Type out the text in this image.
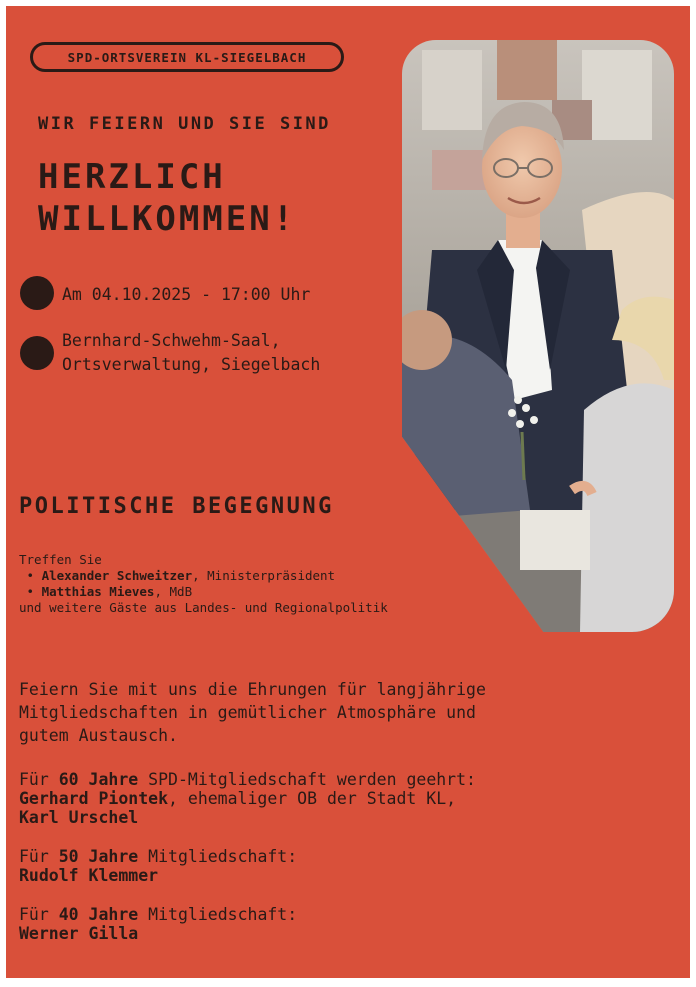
SPD-ORTSVEREIN KL-SIEGELBACH
WIR FEIERN UND SIE SIND
HERZLICH
WILLKOMMEN!
Am 04.10.2025 - 17:00 Uhr
Bernhard-Schwehm-Saal,
Ortsverwaltung, Siegelbach
POLITISCHE BEGEGNUNG
Treffen Sie
• Alexander Schweitzer, Ministerpräsident
• Matthias Mieves, MdB
und weitere Gäste aus Landes- und Regionalpolitik
Feiern Sie mit uns die Ehrungen für langjährige
Mitgliedschaften in gemütlicher Atmosphäre und
gutem Austausch.
Für 60 Jahre SPD-Mitgliedschaft werden geehrt:
Gerhard Piontek, ehemaliger OB der Stadt KL,
Karl Urschel
Für 50 Jahre Mitgliedschaft:
Rudolf Klemmer
Für 40 Jahre Mitgliedschaft:
Werner Gilla
